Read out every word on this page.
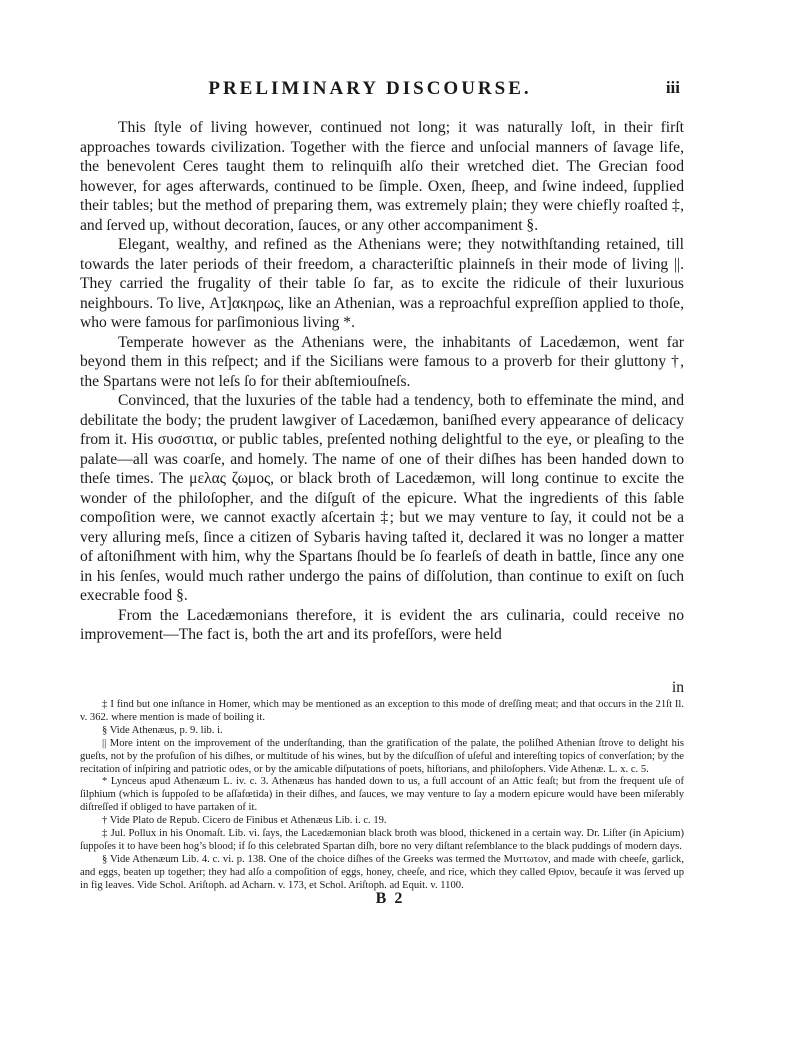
PRELIMINARY DISCOURSE.	iii

This ſtyle of living however, continued not long; it was naturally loſt, in their firſt approaches towards civilization. Together with the fierce and unſocial manners of ſavage life, the benevolent Ceres taught them to relinquiſh alſo their wretched diet. The Grecian food however, for ages afterwards, continued to be ſimple. Oxen, ſheep, and ſwine indeed, ſupplied their tables; but the method of preparing them, was extremely plain; they were chiefly roaſted ‡, and ſerved up, without decoration, ſauces, or any other accompaniment §.

Elegant, wealthy, and refined as the Athenians were; they notwithſtanding retained, till towards the later periods of their freedom, a characteriſtic plainneſs in their mode of living ||. They carried the frugality of their table ſo far, as to excite the ridicule of their luxurious neighbours. To live, Ατ]ακηρως, like an Athenian, was a reproachful expreſſion applied to thoſe, who were famous for parſimonious living *.

Temperate however as the Athenians were, the inhabitants of Lacedæmon, went far beyond them in this reſpect; and if the Sicilians were famous to a proverb for their gluttony †, the Spartans were not leſs ſo for their abſtemiouſneſs.

Convinced, that the luxuries of the table had a tendency, both to effeminate the mind, and debilitate the body; the prudent lawgiver of Lacedæmon, baniſhed every appearance of delicacy from it. His συσσιτια, or public tables, preſented nothing delightful to the eye, or pleaſing to the palate—all was coarſe, and homely. The name of one of their diſhes has been handed down to theſe times. The μελας ζωμος, or black broth of Lacedæmon, will long continue to excite the wonder of the philoſopher, and the diſguſt of the epicure. What the ingredients of this ſable compoſition were, we cannot exactly aſcertain ‡; but we may venture to ſay, it could not be a very alluring meſs, ſince a citizen of Sybaris having taſted it, declared it was no longer a matter of aſtoniſhment with him, why the Spartans ſhould be ſo fearleſs of death in battle, ſince any one in his ſenſes, would much rather undergo the pains of diſſolution, than continue to exiſt on ſuch execrable food §.

From the Lacedæmonians therefore, it is evident the ars culinaria, could receive no improvement—The fact is, both the art and its profeſſors, were held

in

‡ I find but one inſtance in Homer, which may be mentioned as an exception to this mode of dreſſing meat; and that occurs in the 21ſt Il. v. 362. where mention is made of boiling it.

§ Vide Athenæus, p. 9. lib. i.

|| More intent on the improvement of the underſtanding, than the gratification of the palate, the poliſhed Athenian ſtrove to delight his gueſts, not by the profuſion of his diſhes, or multitude of his wines, but by the diſcuſſion of uſeful and intereſting topics of converſation; by the recitation of inſpiring and patriotic odes, or by the amicable diſputations of poets, hiſtorians, and philoſophers. Vide Athenæ. L. x. c. 5.

* Lynceus apud Athenæum L. iv. c. 3. Athenæus has handed down to us, a full account of an Attic feaſt; but from the frequent uſe of ſilphium (which is ſuppoſed to be aſſafœtida) in their diſhes, and ſauces, we may venture to ſay a modern epicure would have been miſerably diſtreſſed if obliged to have partaken of it.

† Vide Plato de Repub. Cicero de Finibus et Athenæus Lib. i. c. 19.

‡ Jul. Pollux in his Onomaſt. Lib. vi. ſays, the Lacedæmonian black broth was blood, thickened in a certain way. Dr. Liſter (in Apicium) ſuppoſes it to have been hog’s blood; if ſo this celebrated Spartan diſh, bore no very diſtant reſemblance to the black puddings of modern days.

§ Vide Athenæum Lib. 4. c. vi. p. 138. One of the choice diſhes of the Greeks was termed the Μυττωτον, and made with cheeſe, garlick, and eggs, beaten up together; they had alſo a compoſition of eggs, honey, cheeſe, and rice, which they called Θριον, becauſe it was ſerved up in fig leaves. Vide Schol. Ariſtoph. ad Acharn. v. 173, et Schol. Ariſtoph. ad Equit. v. 1100.

B 2
